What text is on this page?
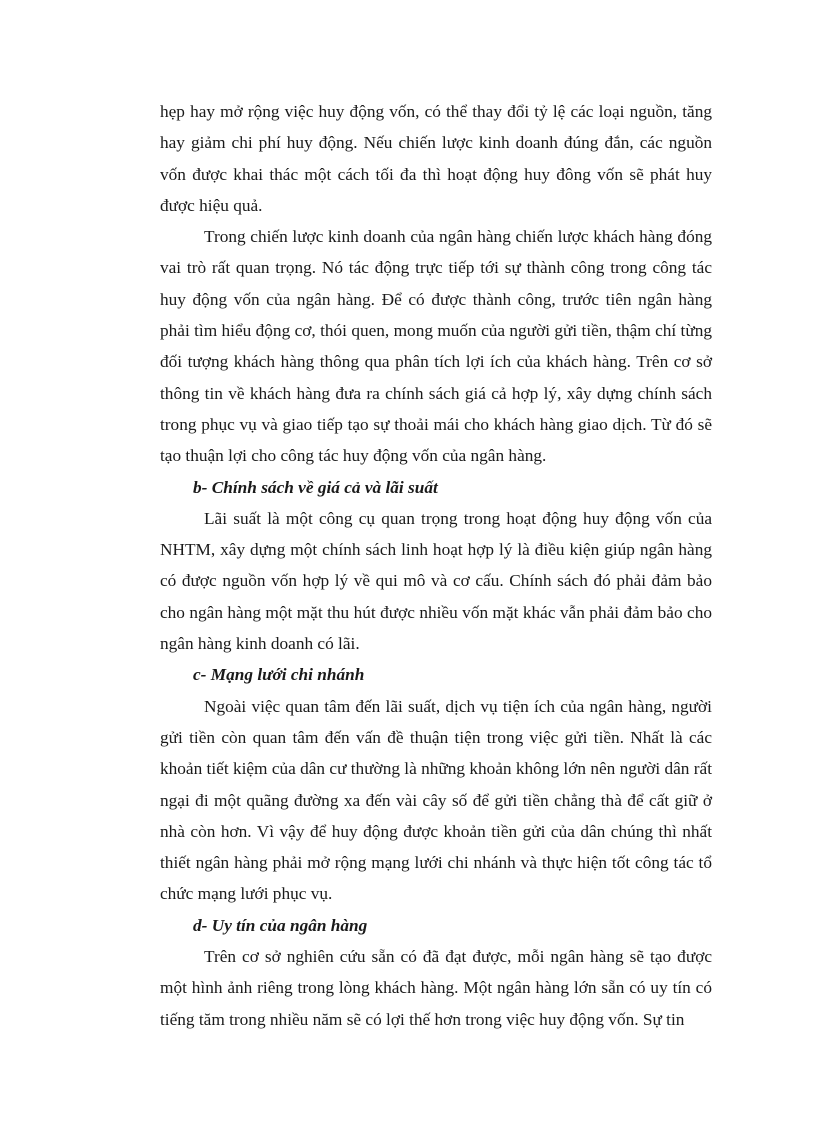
hẹp hay mở rộng việc huy động vốn, có thể thay đổi tỷ lệ các loại nguồn, tăng hay giảm chi phí huy động. Nếu chiến lược kinh doanh đúng đắn, các nguồn vốn được khai thác một cách tối đa thì hoạt động huy đông vốn sẽ phát huy được hiệu quả.

Trong chiến lược kinh doanh của ngân hàng chiến lược khách hàng đóng vai trò rất quan trọng. Nó tác động trực tiếp tới sự thành công trong công tác huy động vốn của ngân hàng. Để có được thành công, trước tiên ngân hàng phải tìm hiểu động cơ, thói quen, mong muốn của người gửi tiền, thậm chí từng đối tượng khách hàng thông qua phân tích lợi ích của khách hàng. Trên cơ sở thông tin về khách hàng đưa ra chính sách giá cả hợp lý, xây dựng chính sách trong phục vụ và giao tiếp tạo sự thoải mái cho khách hàng giao dịch. Từ đó sẽ tạo thuận lợi cho công tác huy động vốn của ngân hàng.

b- Chính sách về giá cả và lãi suất

Lãi suất là một công cụ quan trọng trong hoạt động huy động vốn của NHTM, xây dựng một chính sách linh hoạt hợp lý là điều kiện giúp ngân hàng có được nguồn vốn hợp lý về qui mô và cơ cấu. Chính sách đó phải đảm bảo cho ngân hàng một mặt thu hút được nhiều vốn mặt khác vẫn phải đảm bảo cho ngân hàng kinh doanh có lãi.

c- Mạng lưới chi nhánh

Ngoài việc quan tâm đến lãi suất, dịch vụ tiện ích của ngân hàng, người gửi tiền còn quan tâm đến vấn đề thuận tiện trong việc gửi tiền. Nhất là các khoản tiết kiệm của dân cư thường là những khoản không lớn nên người dân rất ngại đi một quãng đường xa đến vài cây số để gửi tiền chẳng thà để cất giữ ở nhà còn hơn. Vì vậy để huy động được khoản tiền gửi của dân chúng thì nhất thiết ngân hàng phải mở rộng mạng lưới chi nhánh và thực hiện tốt công tác tổ chức mạng lưới phục vụ.

d- Uy tín của ngân hàng

Trên cơ sở nghiên cứu sẵn có đã đạt được, mỗi ngân hàng sẽ tạo được một hình ảnh riêng trong lòng khách hàng. Một ngân hàng lớn sẵn có uy tín có tiếng tăm trong nhiều năm sẽ có lợi thế hơn trong việc huy động vốn. Sự tin
